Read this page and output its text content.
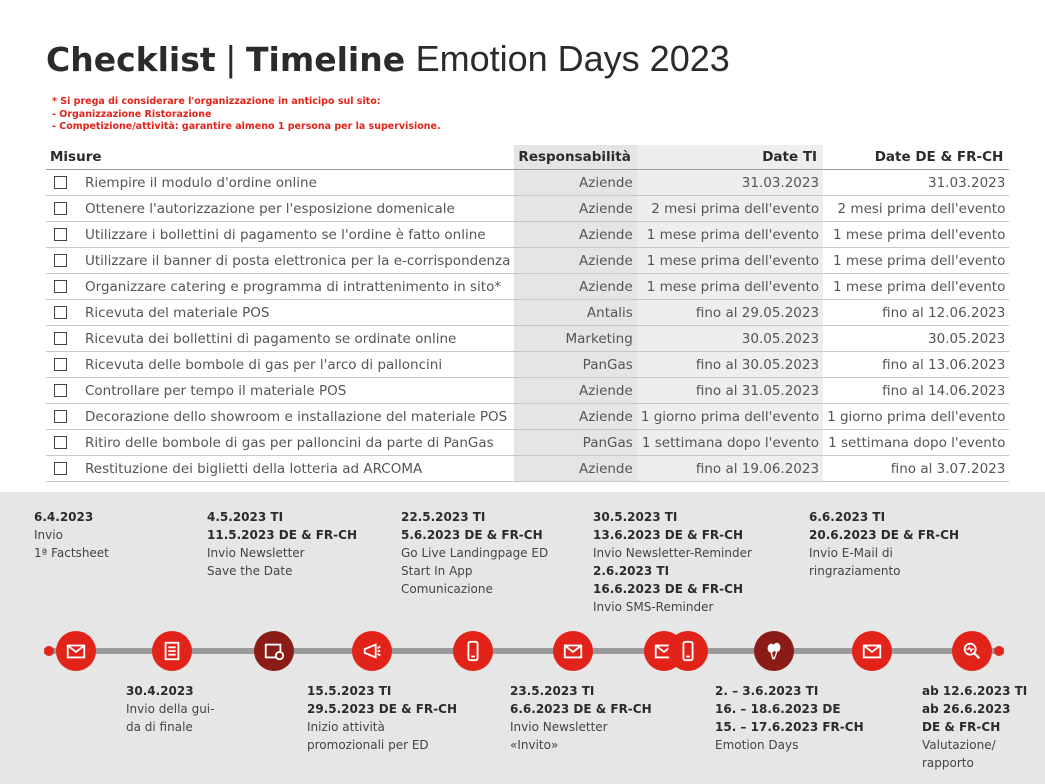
Checklist | Timeline Emotion Days 2023
* Si prega di considerare l'organizzazione in anticipo sul sito:
- Organizzazione Ristorazione
- Competizione/attività: garantire almeno 1 persona per la supervisione.
Misure	Responsabilità	Date TI	Date DE & FR-CH
Riempire il modulo d'ordine online	Aziende	31.03.2023	31.03.2023
Ottenere l'autorizzazione per l'esposizione domenicale	Aziende	2 mesi prima dell'evento	2 mesi prima dell'evento
Utilizzare i bollettini di pagamento se l'ordine è fatto online	Aziende	1 mese prima dell'evento	1 mese prima dell'evento
Utilizzare il banner di posta elettronica per la e-corrispondenza	Aziende	1 mese prima dell'evento	1 mese prima dell'evento
Organizzare catering e programma di intrattenimento in sito*	Aziende	1 mese prima dell'evento	1 mese prima dell'evento
Ricevuta del materiale POS	Antalis	fino al 29.05.2023	fino al 12.06.2023
Ricevuta dei bollettini di pagamento se ordinate online	Marketing	30.05.2023	30.05.2023
Ricevuta delle bombole di gas per l'arco di palloncini	PanGas	fino al 30.05.2023	fino al 13.06.2023
Controllare per tempo il materiale POS	Aziende	fino al 31.05.2023	fino al 14.06.2023
Decorazione dello showroom e installazione del materiale POS	Aziende	1 giorno prima dell'evento	1 giorno prima dell'evento
Ritiro delle bombole di gas per palloncini da parte di PanGas	PanGas	1 settimana dopo l'evento	1 settimana dopo l'evento
Restituzione dei biglietti della lotteria ad ARCOMA	Aziende	fino al 19.06.2023	fino al 3.07.2023
6.4.2023
Invio
1ª Factsheet
4.5.2023 TI
11.5.2023 DE & FR-CH
Invio Newsletter
Save the Date
22.5.2023 TI
5.6.2023 DE & FR-CH
Go Live Landingpage ED
Start In App
Comunicazione
30.5.2023 TI
13.6.2023 DE & FR-CH
Invio Newsletter-Reminder
2.6.2023 TI
16.6.2023 DE & FR-CH
Invio SMS-Reminder
6.6.2023 TI
20.6.2023 DE & FR-CH
Invio E-Mail di
ringraziamento
30.4.2023
Invio della gui-
da di finale
15.5.2023 TI
29.5.2023 DE & FR-CH
Inizio attività
promozionali per ED
23.5.2023 TI
6.6.2023 DE & FR-CH
Invio Newsletter
«Invito»
2. – 3.6.2023 TI
16. – 18.6.2023 DE
15. – 17.6.2023 FR-CH
Emotion Days
ab 12.6.2023 TI
ab 26.6.2023
DE & FR-CH
Valutazione/
rapporto
